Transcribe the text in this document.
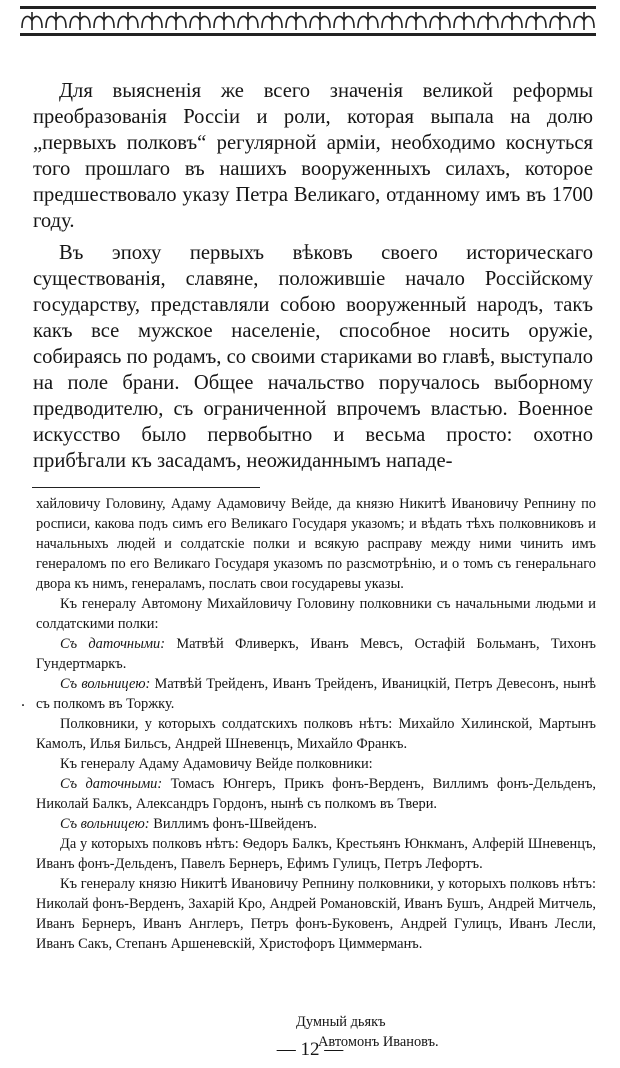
Для выясненія же всего значенія великой реформы преобразованія Россіи и роли, которая выпала на долю „первыхъ полковъ“ регулярной арміи, необходимо коснуться того прошлаго въ нашихъ вооруженныхъ силахъ, которое предшествовало указу Петра Великаго, отданному имъ въ 1700 году.

Въ эпоху первыхъ вѣковъ своего историческаго существованія, славяне, положившіе начало Россійскому государству, представляли собою вооруженный народъ, такъ какъ все мужское населеніе, способное носить оружіе, собираясь по родамъ, со своими стариками во главѣ, выступало на поле брани. Общее начальство поручалось выборному предводителю, съ ограниченной впрочемъ властью. Военное искусство было первобытно и весьма просто: охотно прибѣгали къ засадамъ, неожиданнымъ нападе-

хайловичу Головину, Адаму Адамовичу Вейде, да князю Никитѣ Ивановичу Репнину по росписи, какова подъ симъ его Великаго Государя указомъ; и вѣдать тѣхъ полковниковъ и начальныхъ людей и солдатскіе полки и всякую расправу между ними чинить имъ генераломъ по его Великаго Государя указомъ по разсмотрѣнію, и о томъ съ генеральнаго двора къ нимъ, генераламъ, послать свои государевы указы.

Къ генералу Автомону Михайловичу Головину полковники съ начальными людьми и солдатскими полки:

Съ даточными: Матвѣй Фливеркъ, Иванъ Мевсъ, Остафій Больманъ, Тихонъ Гундертмаркъ.

Съ вольницею: Матвѣй Трейденъ, Иванъ Трейденъ, Иваницкій, Петръ Девесонъ, нынѣ съ полкомъ въ Торжку.

Полковники, у которыхъ солдатскихъ полковъ нѣтъ: Михайло Хилинской, Мартынъ Камолъ, Илья Бильсъ, Андрей Шневенцъ, Михайло Франкъ.

Къ генералу Адаму Адамовичу Вейде полковники:

Съ даточными: Томасъ Юнгеръ, Прикъ фонъ-Верденъ, Виллимъ фонъ-Дельденъ, Николай Балкъ, Александръ Гордонъ, нынѣ съ полкомъ въ Твери.

Съ вольницею: Виллимъ фонъ-Швейденъ.

Да у которыхъ полковъ нѣтъ: Ѳедоръ Балкъ, Крестьянъ Юнкманъ, Алферій Шневенцъ, Иванъ фонъ-Дельденъ, Павелъ Бернеръ, Ефимъ Гулицъ, Петръ Лефортъ.

Къ генералу князю Никитѣ Ивановичу Репнину полковники, у которыхъ полковъ нѣтъ: Николай фонъ-Верденъ, Захарій Кро, Андрей Романовскій, Иванъ Бушъ, Андрей Митчель, Иванъ Бернеръ, Иванъ Англеръ, Петръ фонъ-Букoвенъ, Андрей Гулицъ, Иванъ Лесли, Иванъ Сакъ, Степанъ Аршеневскій, Христофоръ Циммерманъ.

.
Думный дьякъ
Автомонъ Ивановъ.
— 12 —
